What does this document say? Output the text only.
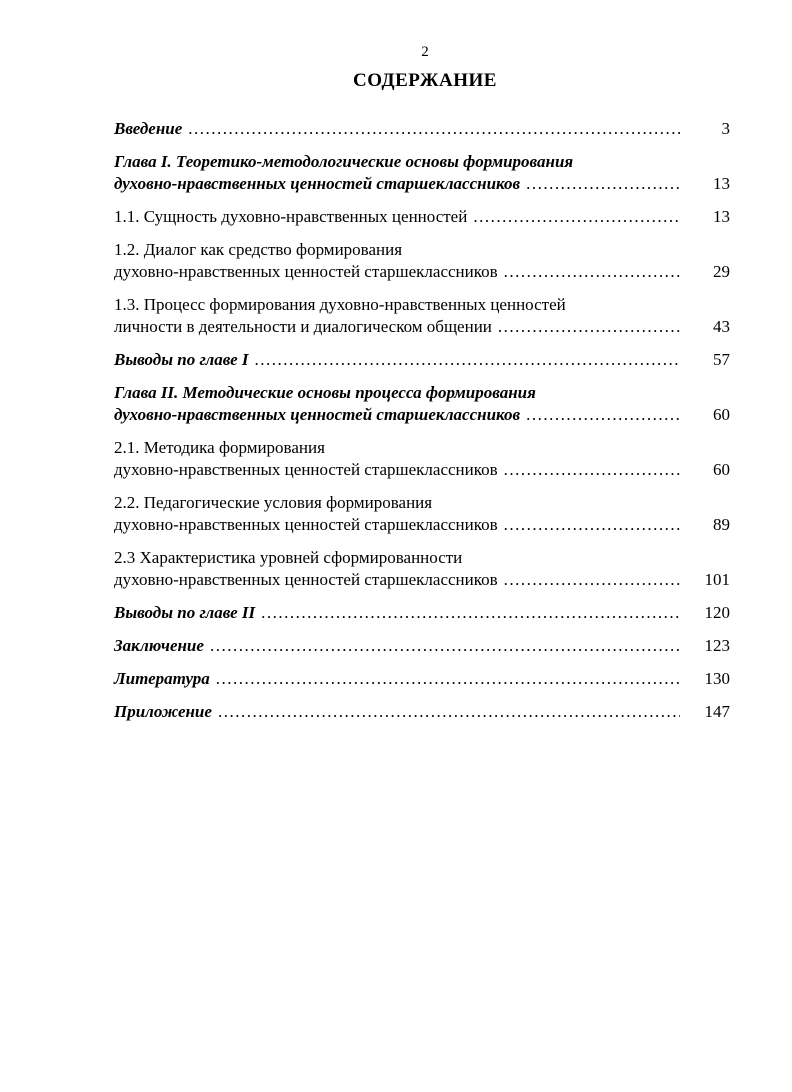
2
СОДЕРЖАНИЕ
Введение .....	3
Глава I. Теоретико-методологические основы формирования
духовно-нравственных ценностей старшеклассников .....	13
1.1. Сущность духовно-нравственных ценностей .....	13
1.2. Диалог как средство формирования
духовно-нравственных ценностей старшеклассников .....	29
1.3. Процесс формирования духовно-нравственных ценностей
личности в деятельности и диалогическом общении .....	43
Выводы по главе I .....	57
Глава II. Методические основы процесса формирования
духовно-нравственных ценностей старшеклассников .....	60
2.1. Методика формирования
духовно-нравственных ценностей старшеклассников .....	60
2.2. Педагогические условия формирования
духовно-нравственных ценностей старшеклассников .....	89
2.3 Характеристика уровней сформированности
духовно-нравственных ценностей старшеклассников .....	101
Выводы по главе II .....	120
Заключение .....	123
Литература .....	130
Приложение .....	147
